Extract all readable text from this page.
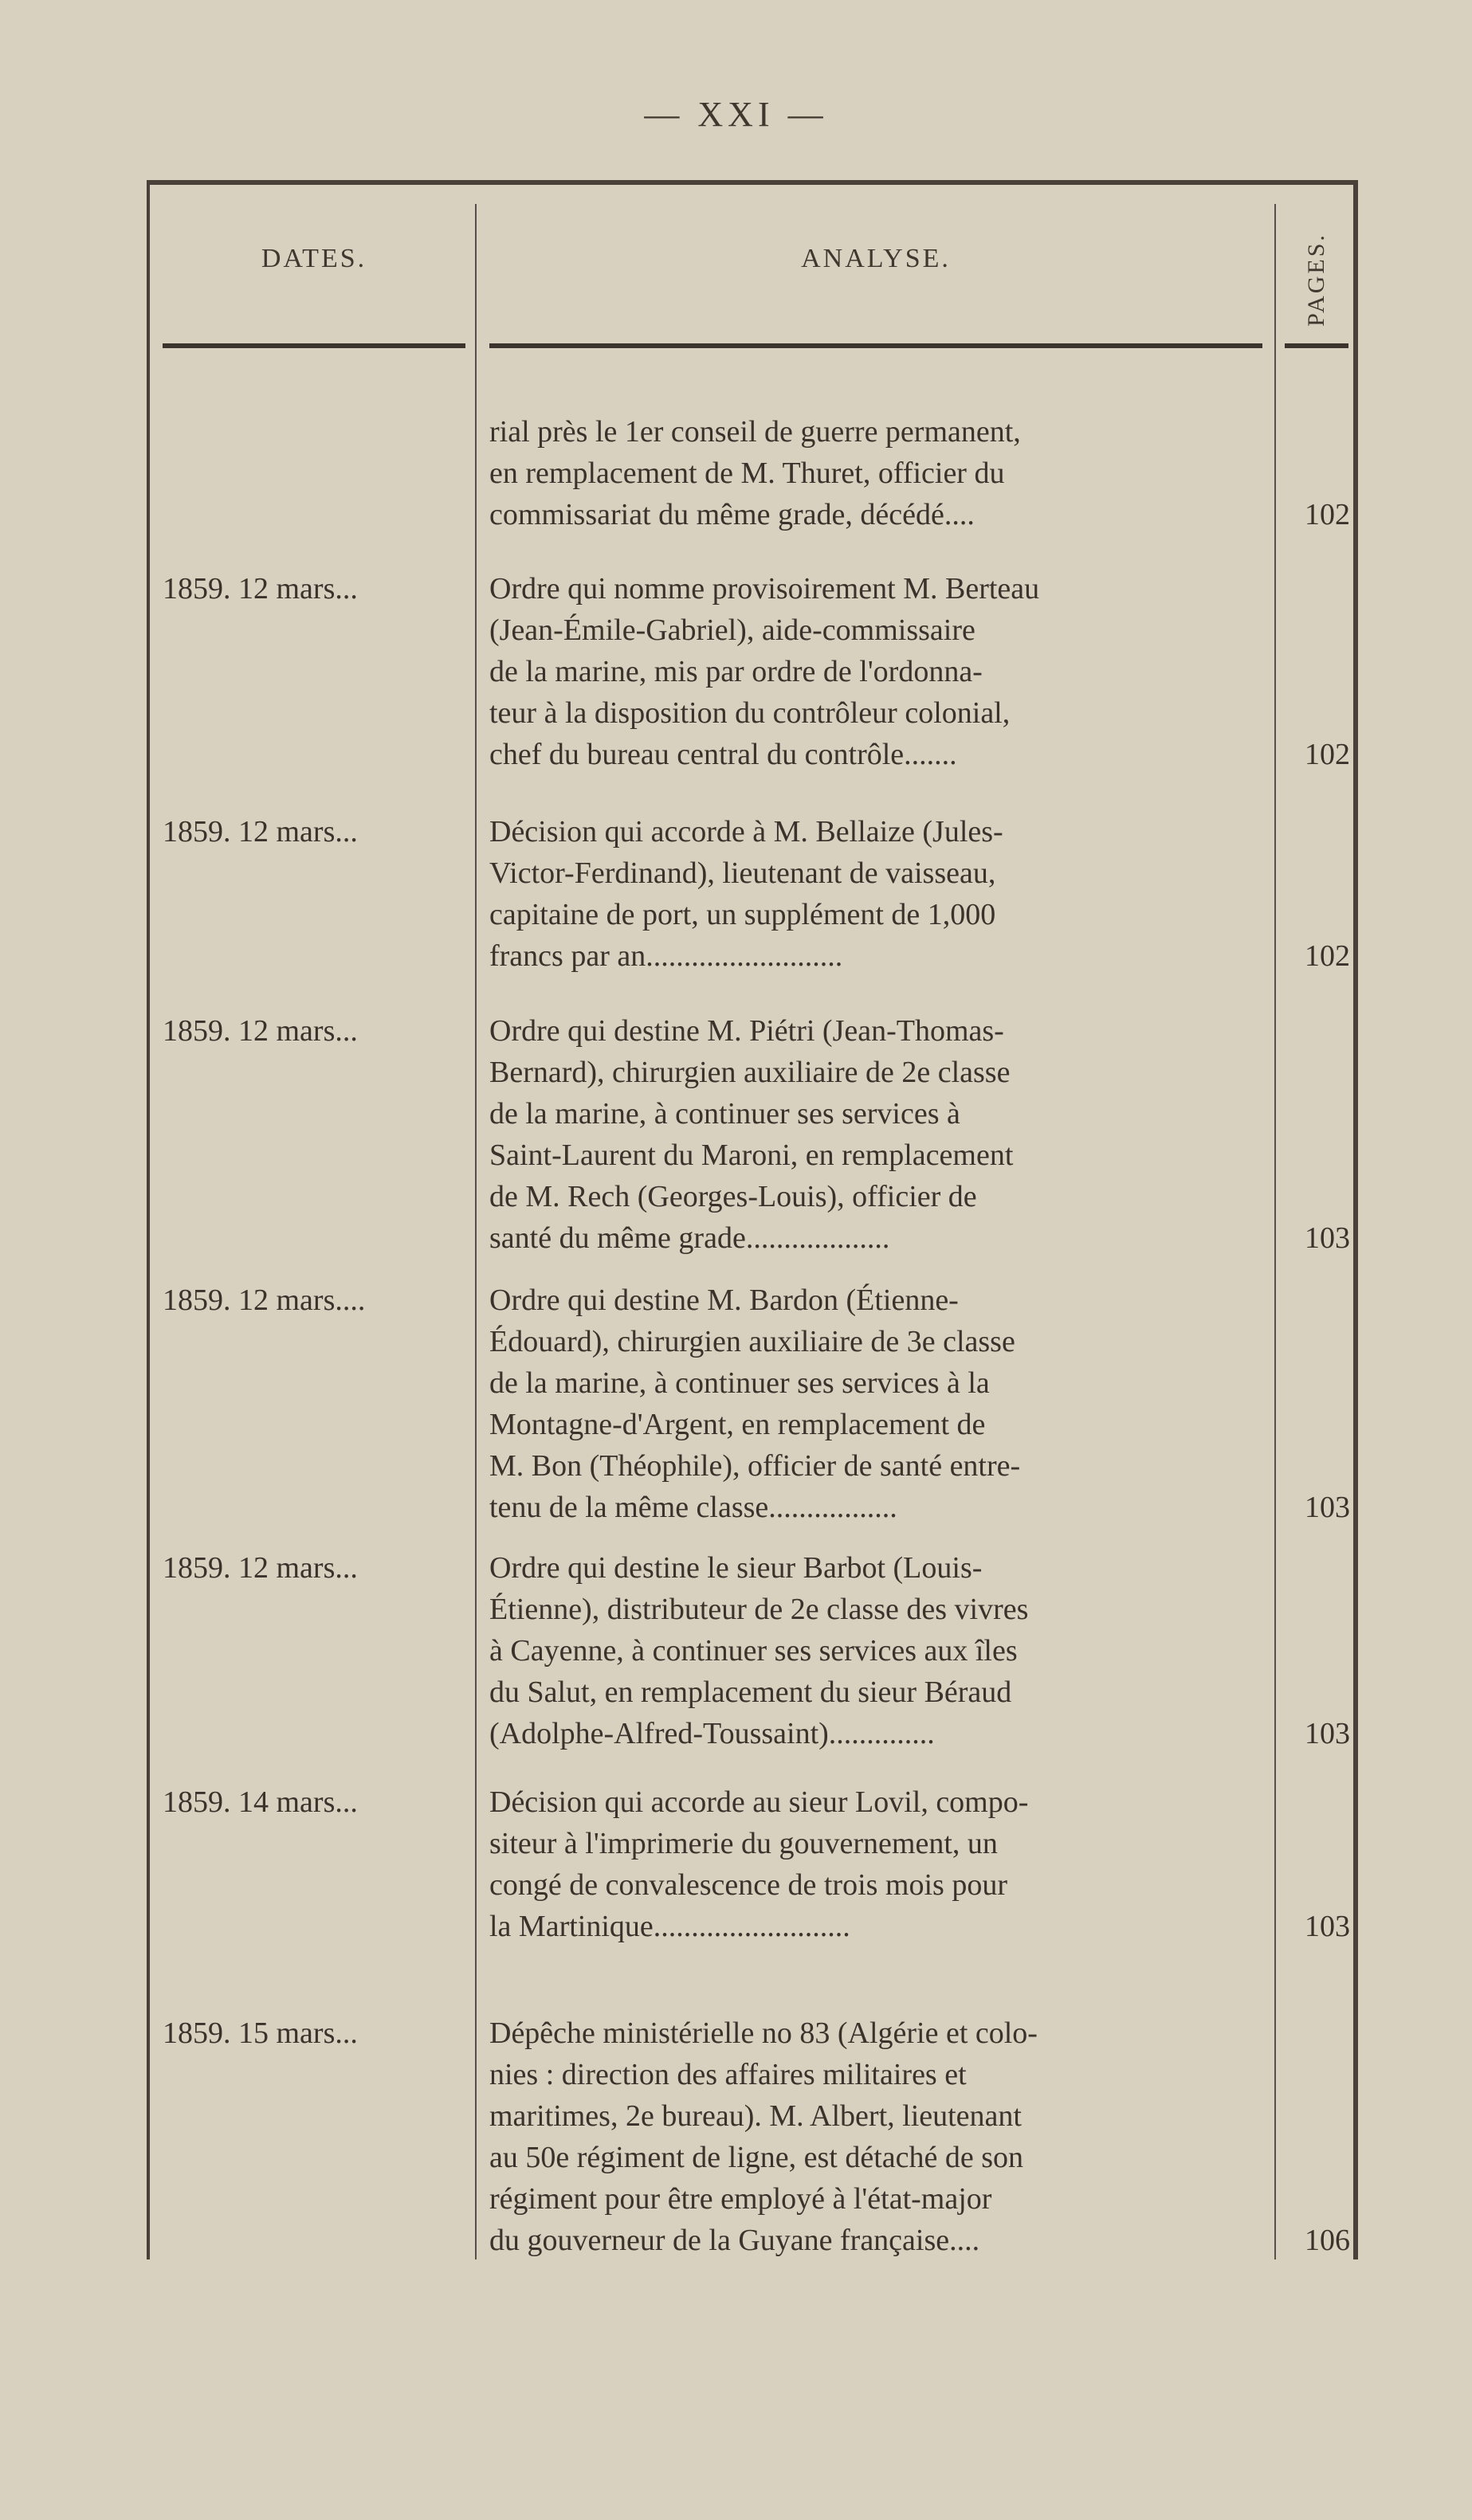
— XXI —
DATES.	ANALYSE.	PAGES.
rial près le 1er conseil de guerre permanent,
en remplacement de M. Thuret, officier du
commissariat du même grade, décédé....	102
1859. 12 mars...	Ordre qui nomme provisoirement M. Berteau
(Jean-Émile-Gabriel), aide-commissaire
de la marine, mis par ordre de l'ordonna-
teur à la disposition du contrôleur colonial,
chef du bureau central du contrôle.......	102
1859. 12 mars...	Décision qui accorde à M. Bellaize (Jules-
Victor-Ferdinand), lieutenant de vaisseau,
capitaine de port, un supplément de 1,000
francs par an..........................	102
1859. 12 mars...	Ordre qui destine M. Piétri (Jean-Thomas-
Bernard), chirurgien auxiliaire de 2e classe
de la marine, à continuer ses services à
Saint-Laurent du Maroni, en remplacement
de M. Rech (Georges-Louis), officier de
santé du même grade...................	103
1859. 12 mars....	Ordre qui destine M. Bardon (Étienne-
Édouard), chirurgien auxiliaire de 3e classe
de la marine, à continuer ses services à la
Montagne-d'Argent, en remplacement de
M. Bon (Théophile), officier de santé entre-
tenu de la même classe.................	103
1859. 12 mars...	Ordre qui destine le sieur Barbot (Louis-
Étienne), distributeur de 2e classe des vivres
à Cayenne, à continuer ses services aux îles
du Salut, en remplacement du sieur Béraud
(Adolphe-Alfred-Toussaint)..............	103
1859. 14 mars...	Décision qui accorde au sieur Lovil, compo-
siteur à l'imprimerie du gouvernement, un
congé de convalescence de trois mois pour
la Martinique..........................	103
1859. 15 mars...	Dépêche ministérielle no 83 (Algérie et colo-
nies : direction des affaires militaires et
maritimes, 2e bureau). M. Albert, lieutenant
au 50e régiment de ligne, est détaché de son
régiment pour être employé à l'état-major
du gouverneur de la Guyane française....	106
